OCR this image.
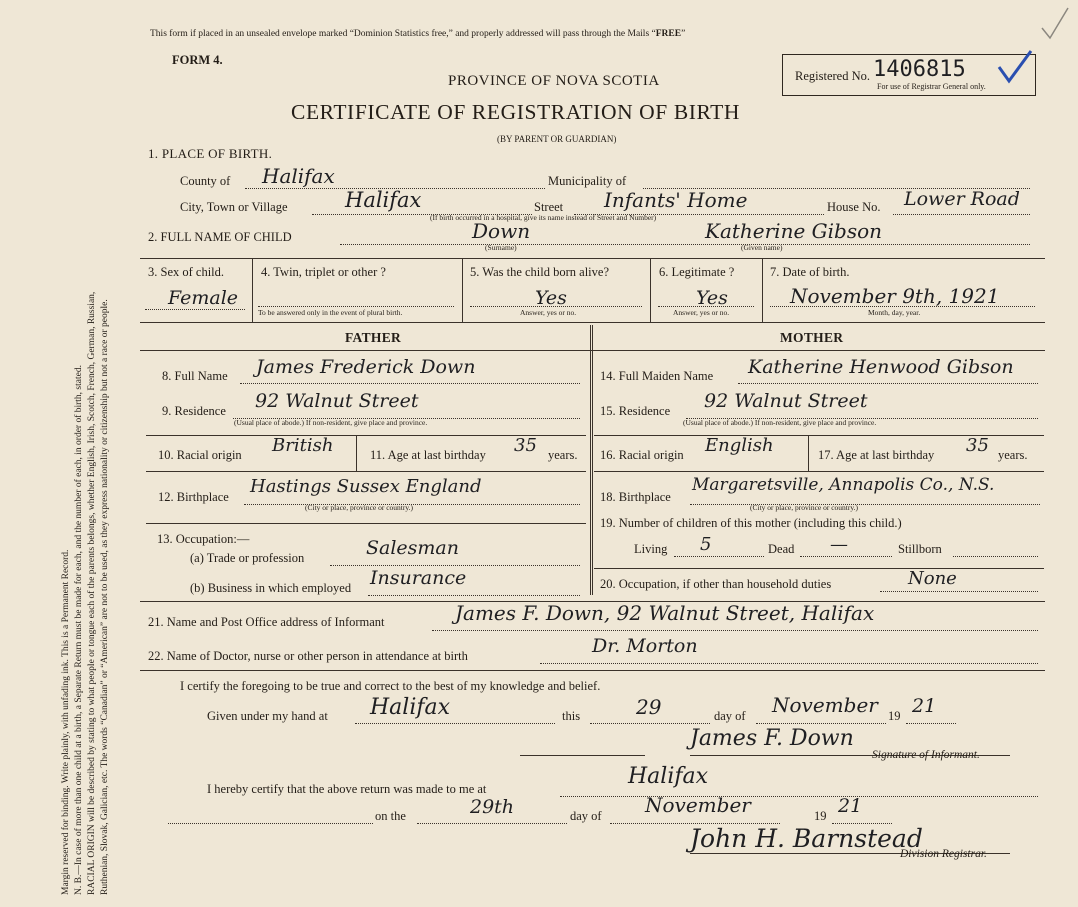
Margin reserved for binding. Write plainly, with unfading ink. This is a Permanent Record. N. B.—In case of more than one child at a birth, a Separate Return must be made for each, and the number of each, in order of birth, stated. RACIAL ORIGIN will be described by stating to what people or tongue each of the parents belongs, whether English, Irish, Scotch, French, German, Russian, Ruthenian, Slovak, Galician, etc. The words “Canadian” or “American” are not to be used, as they express nationality or citizenship but not a race or people.
This form if placed in an unsealed envelope marked “Dominion Statistics free,” and properly addressed will pass through the Mails “FREE”
FORM 4.
PROVINCE OF NOVA SCOTIA
CERTIFICATE OF REGISTRATION OF BIRTH
(BY PARENT OR GUARDIAN)
Registered No. 1406815
For use of Registrar General only.
1. PLACE OF BIRTH.
County of Halifax	Municipality of
City, Town or Village	Halifax	Street Infants' Home	House No. Lower Road
(If birth occurred in a hospital, give its name instead of Street and Number)
2. FULL NAME OF CHILD	Down
(Surname)
Katherine Gibson
(Given name)
3. Sex of child.
Female
4. Twin, triplet or other ?
To be answered only in the event of plural birth.
5. Was the child born alive?
Yes
Answer, yes or no.
6. Legitimate ?
Yes
Answer, yes or no.
7. Date of birth.
November 9th, 1921
Month, day, year.
FATHER	MOTHER
8. Full Name James Frederick Down
9. Residence 92 Walnut Street
(Usual place of abode.) If non-resident, give place and province.
10. Racial origin British	11. Age at last birthday 35 years.
12. Birthplace Hastings Sussex England
(City or place, province or country.)
13. Occupation:—
(a) Trade or profession	Salesman
(b) Business in which employed Insurance
14. Full Maiden Name Katherine Henwood Gibson
15. Residence 92 Walnut Street
(Usual place of abode.) If non-resident, give place and province.
16. Racial origin English	17. Age at last birthday 35 years.
18. Birthplace
Margaretsville, Annapolis Co., N.S.
(City or place, province or country.)
19. Number of children of this mother (including this child.)
Living 5	Dead —	Stillborn
20. Occupation, if other than household duties	None
21. Name and Post Office address of Informant	James F. Down, 92 Walnut Street, Halifax
22. Name of Doctor, nurse or other person in attendance at birth	Dr. Morton
I certify the foregoing to be true and correct to the best of my knowledge and belief.
Given under my hand at Halifax	this	29	day of November 19 21
James F. Down
Signature of Informant.
I hereby certify that the above return was made to me at	Halifax
on the	29th	day of November	19 21
John H. Barnstead
Division Registrar.
